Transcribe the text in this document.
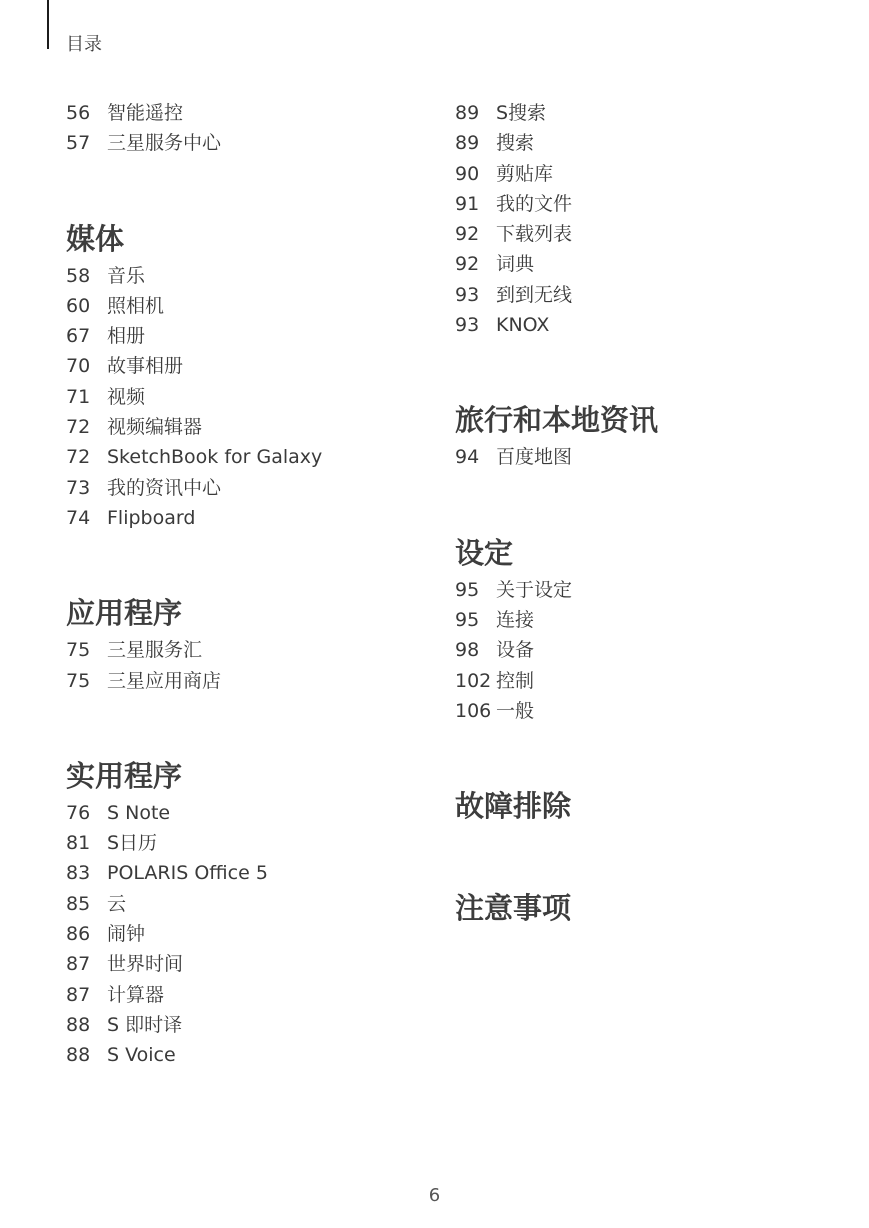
目录
56 智能遥控
57 三星服务中心
媒体
58 音乐
60 照相机
67 相册
70 故事相册
71 视频
72 视频编辑器
72 SketchBook for Galaxy
73 我的资讯中心
74 Flipboard
应用程序
75 三星服务汇
75 三星应用商店
实用程序
76 S Note
81 S日历
83 POLARIS Office 5
85 云
86 闹钟
87 世界时间
87 计算器
88 S 即时译
88 S Voice
89 S搜索
89 搜索
90 剪贴库
91 我的文件
92 下载列表
92 词典
93 到到无线
93 KNOX
旅行和本地资讯
94 百度地图
设定
95 关于设定
95 连接
98 设备
102 控制
106 一般
故障排除
注意事项
6
